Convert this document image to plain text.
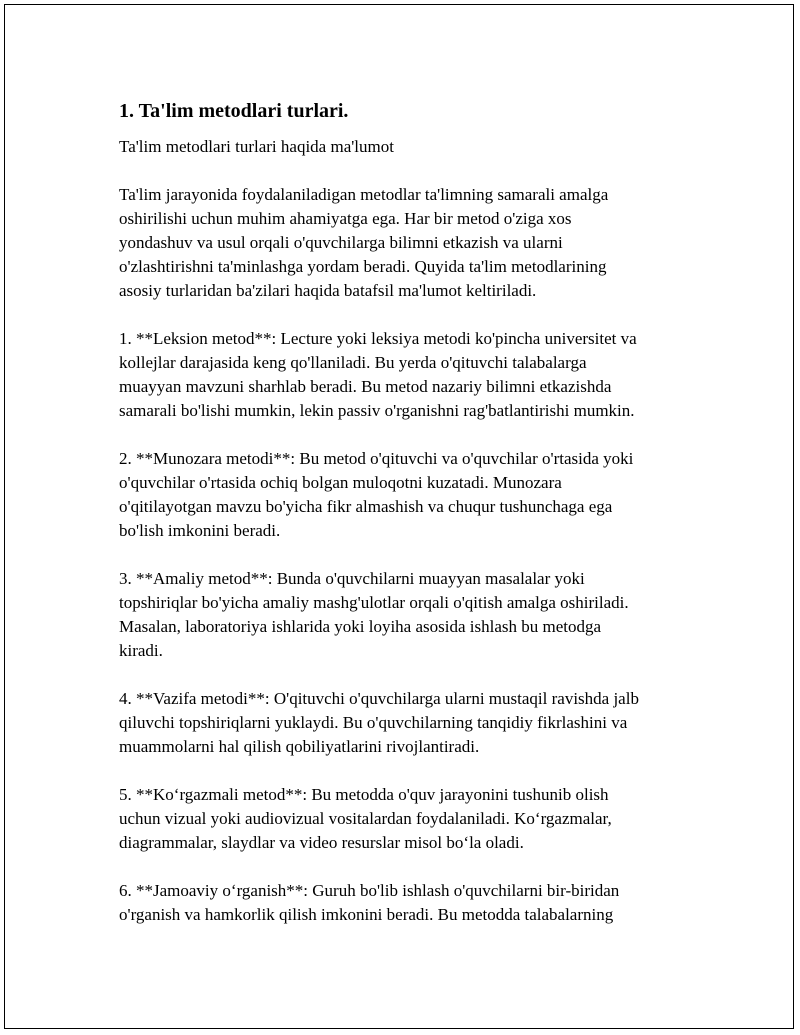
1. Ta'lim metodlari turlari.
Ta'lim metodlari turlari haqida ma'lumot
Ta'lim jarayonida foydalaniladigan metodlar ta'limning samarali amalga
oshirilishi uchun muhim ahamiyatga ega. Har bir metod o'ziga xos
yondashuv va usul orqali o'quvchilarga bilimni etkazish va ularni
o'zlashtirishni ta'minlashga yordam beradi. Quyida ta'lim metodlarining
asosiy turlaridan ba'zilari haqida batafsil ma'lumot keltiriladi.
1. **Leksion metod**: Lecture yoki leksiya metodi ko'pincha universitet va
kollejlar darajasida keng qo'llaniladi. Bu yerda o'qituvchi talabalarga
muayyan mavzuni sharhlab beradi. Bu metod nazariy bilimni etkazishda
samarali bo'lishi mumkin, lekin passiv o'rganishni rag'batlantirishi mumkin.
2. **Munozara metodi**: Bu metod o'qituvchi va o'quvchilar o'rtasida yoki
o'quvchilar o'rtasida ochiq bolgan muloqotni kuzatadi. Munozara
o'qitilayotgan mavzu bo'yicha fikr almashish va chuqur tushunchaga ega
bo'lish imkonini beradi.
3. **Amaliy metod**: Bunda o'quvchilarni muayyan masalalar yoki
topshiriqlar bo'yicha amaliy mashg'ulotlar orqali o'qitish amalga oshiriladi.
Masalan, laboratoriya ishlarida yoki loyiha asosida ishlash bu metodga
kiradi.
4. **Vazifa metodi**: O'qituvchi o'quvchilarga ularni mustaqil ravishda jalb
qiluvchi topshiriqlarni yuklaydi. Bu o'quvchilarning tanqidiy fikrlashini va
muammolarni hal qilish qobiliyatlarini rivojlantiradi.
5. **Ko‘rgazmali metod**: Bu metodda o'quv jarayonini tushunib olish
uchun vizual yoki audiovizual vositalardan foydalaniladi. Ko‘rgazmalar,
diagrammalar, slaydlar va video resurslar misol bo‘la oladi.
6. **Jamoaviy o‘rganish**: Guruh bo'lib ishlash o'quvchilarni bir-biridan
o'rganish va hamkorlik qilish imkonini beradi. Bu metodda talabalarning
